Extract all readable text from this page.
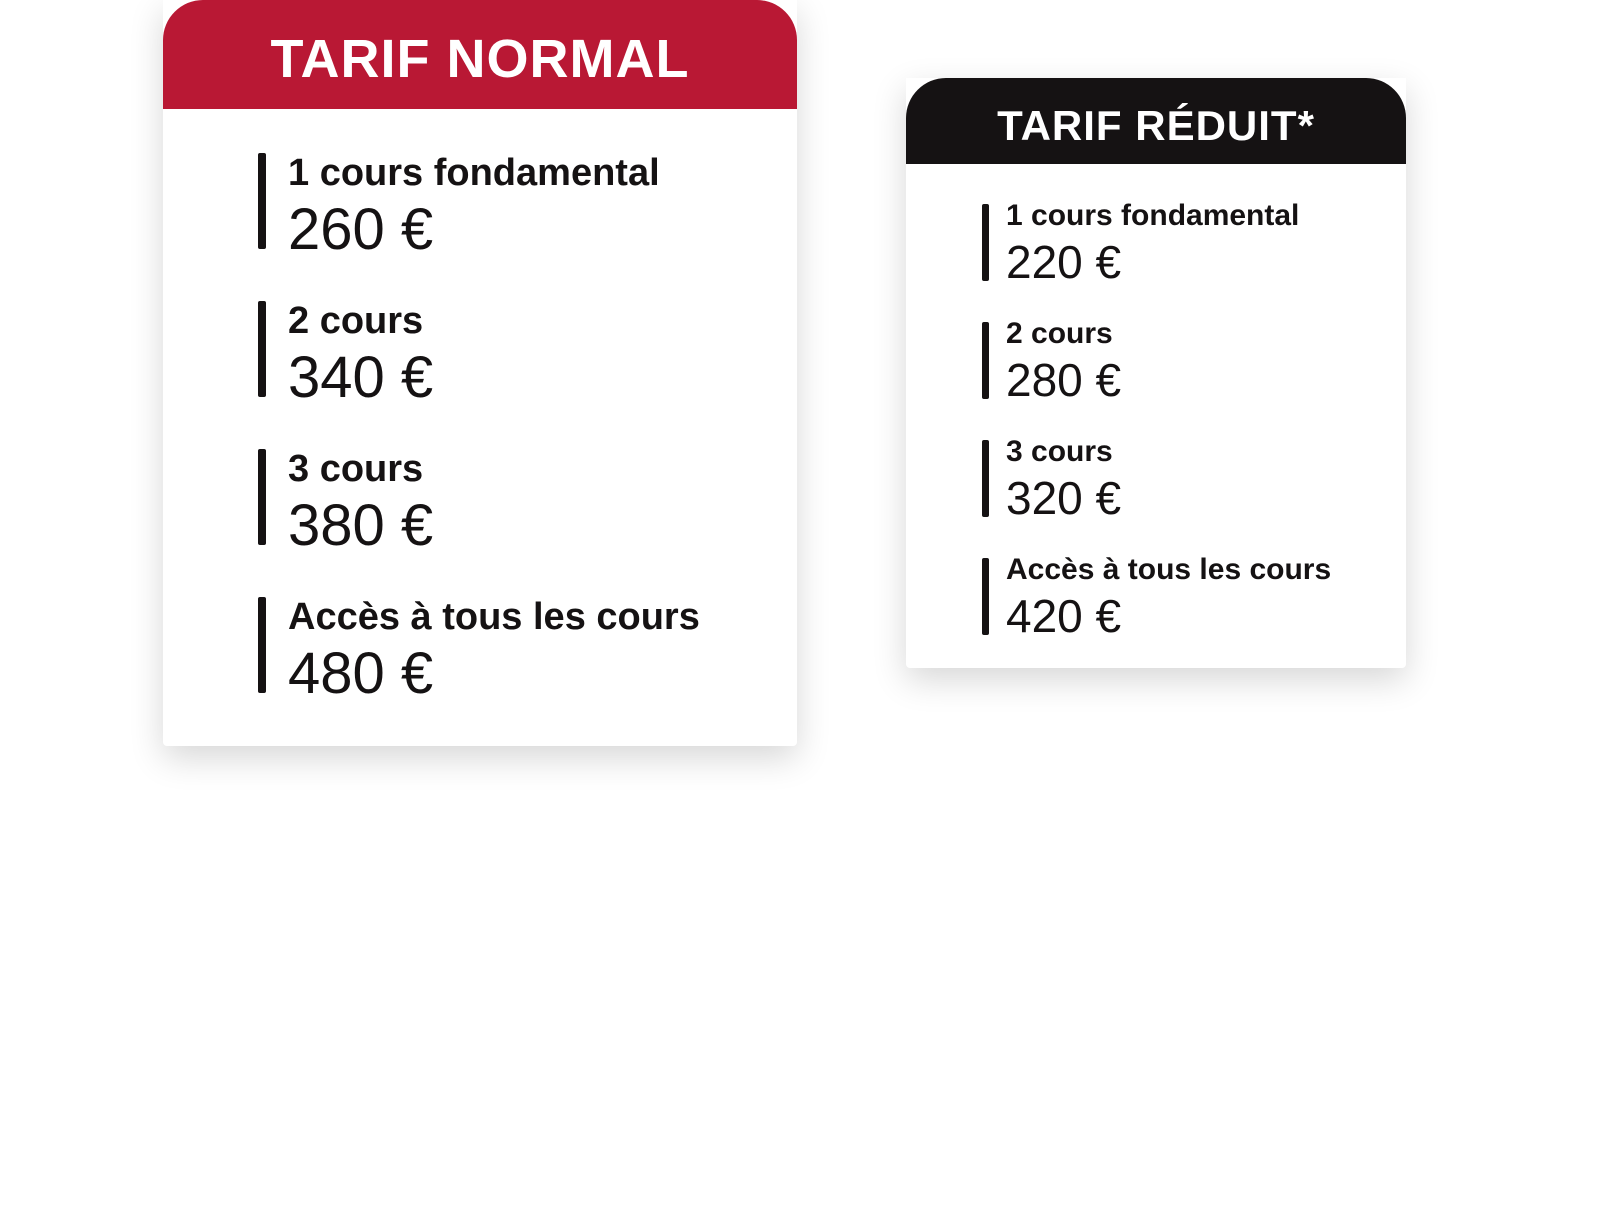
TARIF NORMAL
1 cours fondamental
260 €
2 cours
340 €
3 cours
380 €
Accès à tous les cours
480 €
TARIF RÉDUIT*
1 cours fondamental
220 €
2 cours
280 €
3 cours
320 €
Accès à tous les cours
420 €
